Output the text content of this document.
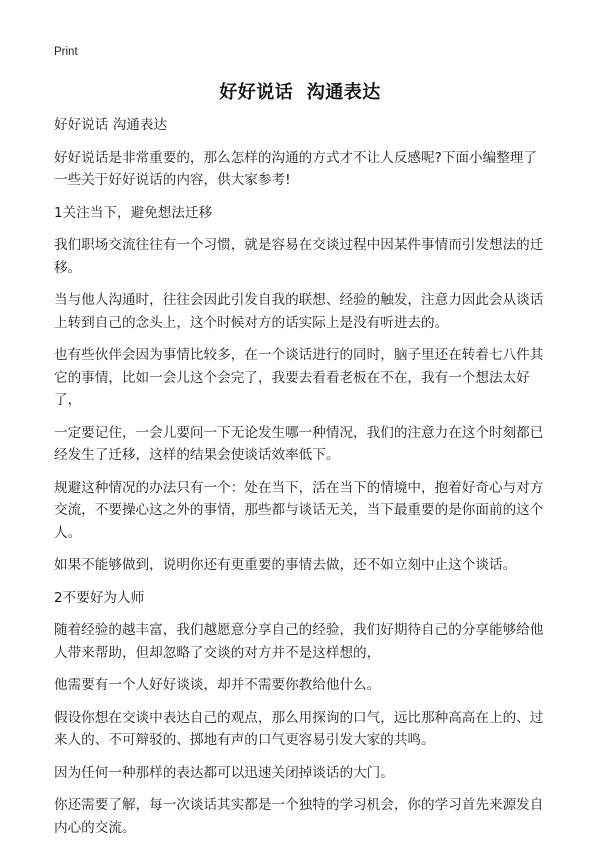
Print
好好说话  沟通表达

好好说话 沟通表达

好好说话是非常重要的，那么怎样的沟通的方式才不让人反感呢?下面小编整理了一些关于好好说话的内容，供大家参考!

1关注当下，避免想法迁移

我们职场交流往往有一个习惯，就是容易在交谈过程中因某件事情而引发想法的迁移。

当与他人沟通时，往往会因此引发自我的联想、经验的触发，注意力因此会从谈话上转到自己的念头上，这个时候对方的话实际上是没有听进去的。

也有些伙伴会因为事情比较多，在一个谈话进行的同时，脑子里还在转着七八件其它的事情，比如一会儿这个会完了，我要去看看老板在不在，我有一个想法太好了，

一定要记住，一会儿要问一下无论发生哪一种情况，我们的注意力在这个时刻都已经发生了迁移，这样的结果会使谈话效率低下。

规避这种情况的办法只有一个：处在当下，活在当下的情境中，抱着好奇心与对方交流，不要操心这之外的事情，那些都与谈话无关，当下最重要的是你面前的这个人。

如果不能够做到，说明你还有更重要的事情去做，还不如立刻中止这个谈话。

2不要好为人师

随着经验的越丰富，我们越愿意分享自己的经验，我们好期待自己的分享能够给他人带来帮助，但却忽略了交谈的对方并不是这样想的，

他需要有一个人好好谈谈，却并不需要你教给他什么。

假设你想在交谈中表达自己的观点，那么用探询的口气，远比那种高高在上的、过来人的、不可辩驳的、掷地有声的口气更容易引发大家的共鸣。

因为任何一种那样的表达都可以迅速关闭掉谈话的大门。

你还需要了解，每一次谈话其实都是一个独特的学习机会，你的学习首先来源发自内心的交流。
